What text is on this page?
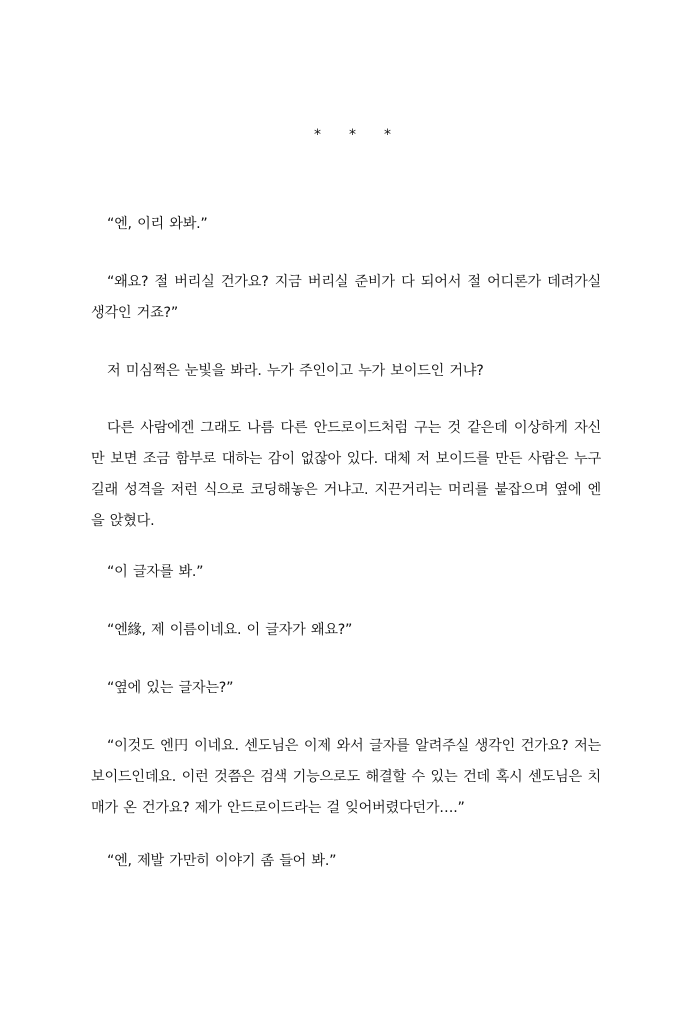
* * *

“엔, 이리 와봐.”

“왜요? 절 버리실 건가요? 지금 버리실 준비가 다 되어서 절 어디론가 데려가실 생각인 거죠?”

저 미심쩍은 눈빛을 봐라. 누가 주인이고 누가 보이드인 거냐?

다른 사람에겐 그래도 나름 다른 안드로이드처럼 구는 것 같은데 이상하게 자신만 보면 조금 함부로 대하는 감이 없잖아 있다. 대체 저 보이드를 만든 사람은 누구길래 성격을 저런 식으로 코딩해놓은 거냐고. 지끈거리는 머리를 붙잡으며 옆에 엔을 앉혔다.

“이 글자를 봐.”

“엔緣, 제 이름이네요. 이 글자가 왜요?”

“옆에 있는 글자는?”

“이것도 엔円 이네요. 센도님은 이제 와서 글자를 알려주실 생각인 건가요? 저는 보이드인데요. 이런 것쯤은 검색 기능으로도 해결할 수 있는 건데 혹시 센도님은 치매가 온 건가요? 제가 안드로이드라는 걸 잊어버렸다던가….”

“엔, 제발 가만히 이야기 좀 들어 봐.”
